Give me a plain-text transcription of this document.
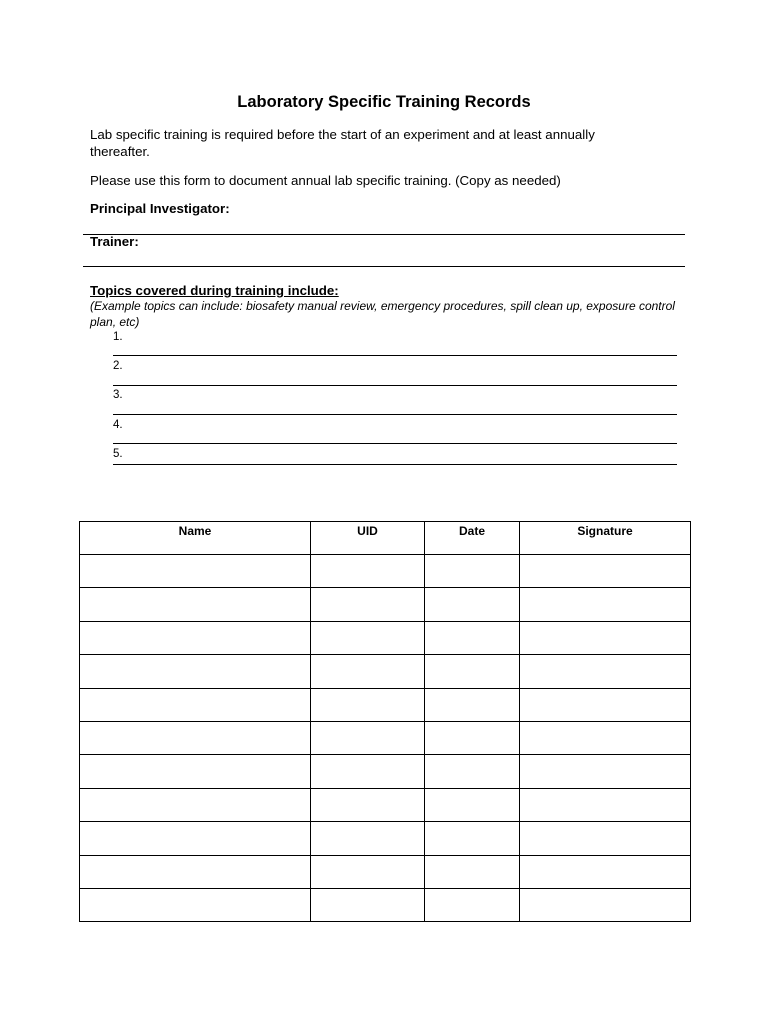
Laboratory Specific Training Records
Lab specific training is required before the start of an experiment and at least annually thereafter.
Please use this form to document annual lab specific training. (Copy as needed)
Principal Investigator:
Trainer:
Topics covered during training include:
(Example topics can include: biosafety manual review, emergency procedures, spill clean up, exposure control plan, etc)
1.
2.
3.
4.
5.
Name	UID	Date	Signature
